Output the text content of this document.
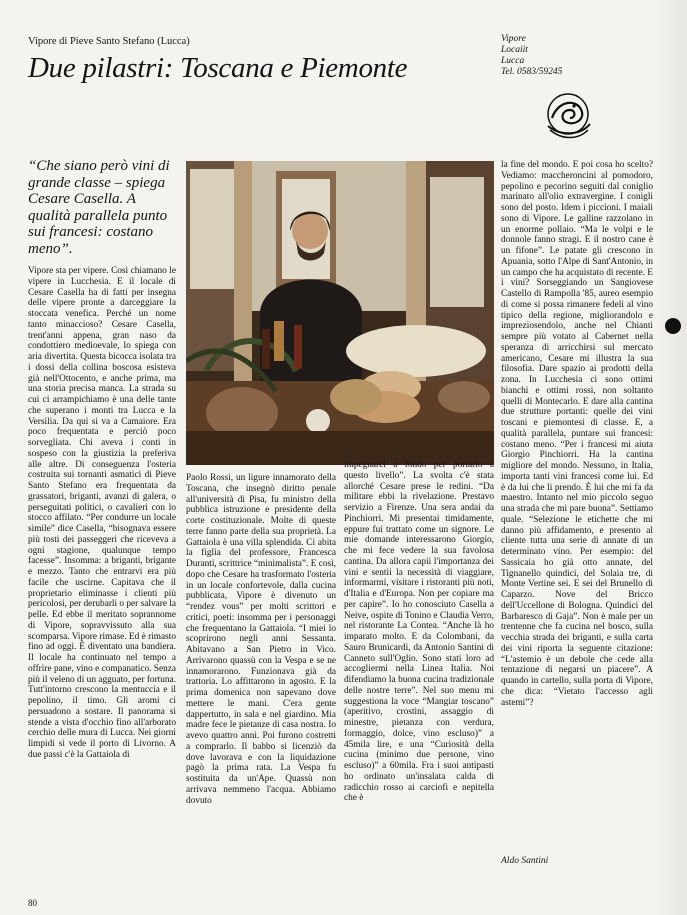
Vipore di Pieve Santo Stefano (Lucca)
Due pilastri: Toscana e Piemonte
Vipore
Locaiit
Lucca
Tel. 0583/59245
“Che siano però vini di grande classe – spiega Cesare Casella. A qualità parallela punto sui francesi: costano meno”.

Vipore sta per vipere. Così chiamano le vipere in Lucchesia. E il locale di Cesare Casella ha di fatti per insegna delle vipere pronte a darceggiare la stoccata venefica. Perché un nome tanto minaccioso? Cesare Casella, trent'anni appena, gran naso da condottiero medioevale, lo spiega con aria divertita. Questa bicocca isolata tra i dossi della collina boscosa esisteva già nell'Ottocento, e anche prima, ma una storia precisa manca. La strada su cui ci arrampichiamo è una delle tante che superano i monti tra Lucca e la Versilia. Da qui si va a Camaiore. Era poco frequentata e perciò poco sorvegliata. Chi aveva i conti in sospeso con la giustizia la preferiva alle altre. Di conseguenza l'osteria costruita sui tornanti asmatici di Pieve Santo Stefano era frequentata da grassatori, briganti, avanzi di galera, o perseguitati politici, o cavalieri con lo stocco affilato. “Per condurre un locale simile” dice Casella, “bisognava essere più tosti dei passeggeri che riceveva a ogni stagione, qualunque tempo facesse”. Insomma: a briganti, brigante e mezzo. Tanto che entrarvi era più facile che uscirne. Capitava che il proprietario eliminasse i clienti più pericolosi, per derubarli o per salvare la pelle. Ed ebbe il meritato soprannome di Vipore, sopravvissuto alla sua scomparsa. Vipore rimase. Ed è rimasto fino ad oggi. È diventato una bandiera. Il locale ha continuato nel tempo a offrire pane, vino e companatico. Senza più il veleno di un agguato, per fortuna. Tutt'intorno crescono la mentuccia e il pepolino, il timo. Gli aromi ci persuadono a sostare. Il panorama si stende a vista d'occhio fino all'arborato cerchio delle mura di Lucca. Nei giorni limpidi si vede il porto di Livorno. A due passi c'è la Gattaiola di

Paolo Rossi, un ligure innamorato della Toscana, che insegnò diritto penale all'università di Pisa, fu ministro della pubblica istruzione e presidente della corte costituzionale. Molte di queste terre fanno parte della sua proprietà. La Gattaiola è una villa splendida. Ci abita la figlia del professore, Francesca Duranti, scrittrice “minimalista”. E così, dopo che Cesare ha trasformato l'osteria in un locale confortevole, dalla cucina pubblicata, Vipore è divenuto un “rendez vous” per molti scrittori e critici, poeti: insomma per i personaggi che frequentano la Gattaiola. “I miei lo scoprirono negli anni Sessanta. Abitavano a San Pietro in Vico. Arrivarono quassù con la Vespa e se ne innamorarono. Funzionava già da trattoria. Lo affittarono in agosto. E la prima domenica non sapevano dove mettere le mani. C'era gente dappertutto, in sala e nel giardino. Mia madre fece le pietanze di casa nostra. Io avevo quattro anni. Poi furono costretti a comprarlo. Il babbo si licenziò da dove lavorava e con la liquidazione pagò la prima rata. La Vespa fu sostituita da un'Ape. Quassù non arrivava nemmeno l'acqua. Abbiamo dovuto

impegnarci a fondo per portarlo a questo livello”. La svolta c'è stata allorché Cesare prese le redini. “Da militare ebbi la rivelazione. Prestavo servizio a Firenze. Una sera andai da Pinchiorri. Mi presentai timidamente, eppure fui trattato come un signore. Le mie domande interessarono Giorgio, che mi fece vedere la sua favolosa cantina. Da allora capii l'importanza dei vini e sentii la necessità di viaggiare, informarmi, visitare i ristoranti più noti, d'Italia e d'Europa. Non per copiare ma per capire”. Io ho conosciuto Casella a Neive, ospite di Tonino e Claudia Verro, nel ristorante La Contea. “Anche là ho imparato molto. E da Colombani, da Sauro Brunicardi, da Antonio Santini di Canneto sull'Oglio. Sono stati loro ad accogliermi nella Linea Italia. Noi difendiamo la buona cucina tradizionale delle nostre terre”. Nel suo menu mi suggestiona la voce “Mangiar toscano” (aperitivo, crostini, assaggio di minestre, pietanza con verdura, formaggio, dolce, vino escluso)” a 45mila lire, e una “Curiosità della cucina (minimo due persone, vino escluso)” a 60mila. Fra i suoi antipasti ho ordinato un'insalata calda di radicchio rosso ai carciofi e nepitella che è

la fine del mondo. E poi cosa ho scelto? Vediamo: maccheroncini al pomodoro, pepolino e pecorino seguiti dal coniglio marinato all'olio extravergine. I conigli sono del posto. Idem i piccioni. I maiali sono di Vipore. Le galline razzolano in un enorme pollaio. “Ma le volpi e le donnole fanno stragi. E il nostro cane è un fifone”. Le patate gli crescono in Apuania, sotto l'Alpe di Sant'Antonio, in un campo che ha acquistato di recente. E i vini? Sorseggiando un Sangiovese Castello di Rampolla '85, aureo esempio di come si possa rimanere fedeli al vino tipico della regione, migliorandolo e impreziosendolo, anche nel Chianti sempre più votato al Cabernet nella speranza di arricchirsi sul mercato americano, Cesare mi illustra la sua filosofia. Dare spazio ai prodotti della zona. In Lucchesia ci sono ottimi bianchi e ottimi rossi, non soltanto quelli di Montecarlo. E dare alla cantina due strutture portanti: quelle dei vini toscani e piemontesi di classe. E, a qualità parallela, puntare sui francesi: costano meno. “Per i francesi mi aiuta Giorgio Pinchiorri. Ha la cantina migliore del mondo. Nessuno, in Italia, importa tanti vini francesi come lui. Ed è da lui che li prendo. È lui che mi fa da maestro. Intanto nel mio piccolo seguo una strada che mi pare buona”. Settiamo quale. “Selezione le etichette che mi danno più affidamento, e presento al cliente tutta una serie di annate di un determinato vino. Per esempio: del Sassicaia ho già otto annate, del Tignanello quindici, del Solaia tre, di Monte Vertine sei. E sei del Brunello di Caparzo. Nove del Bricco dell'Uccellone di Bologna. Quindici del Barbaresco di Gaja”. Non è male per un trentenne che fa cucina nel bosco, sulla vecchia strada dei briganti, e sulla carta dei vini riporta la seguente citazione: “L'astemio è un debole che cede alla tentazione di negarsi un piacere”. A quando in cartello, sulla porta di Vipore, che dica: “Vietato l'accesso agli astemi”?

Aldo Santini
80
